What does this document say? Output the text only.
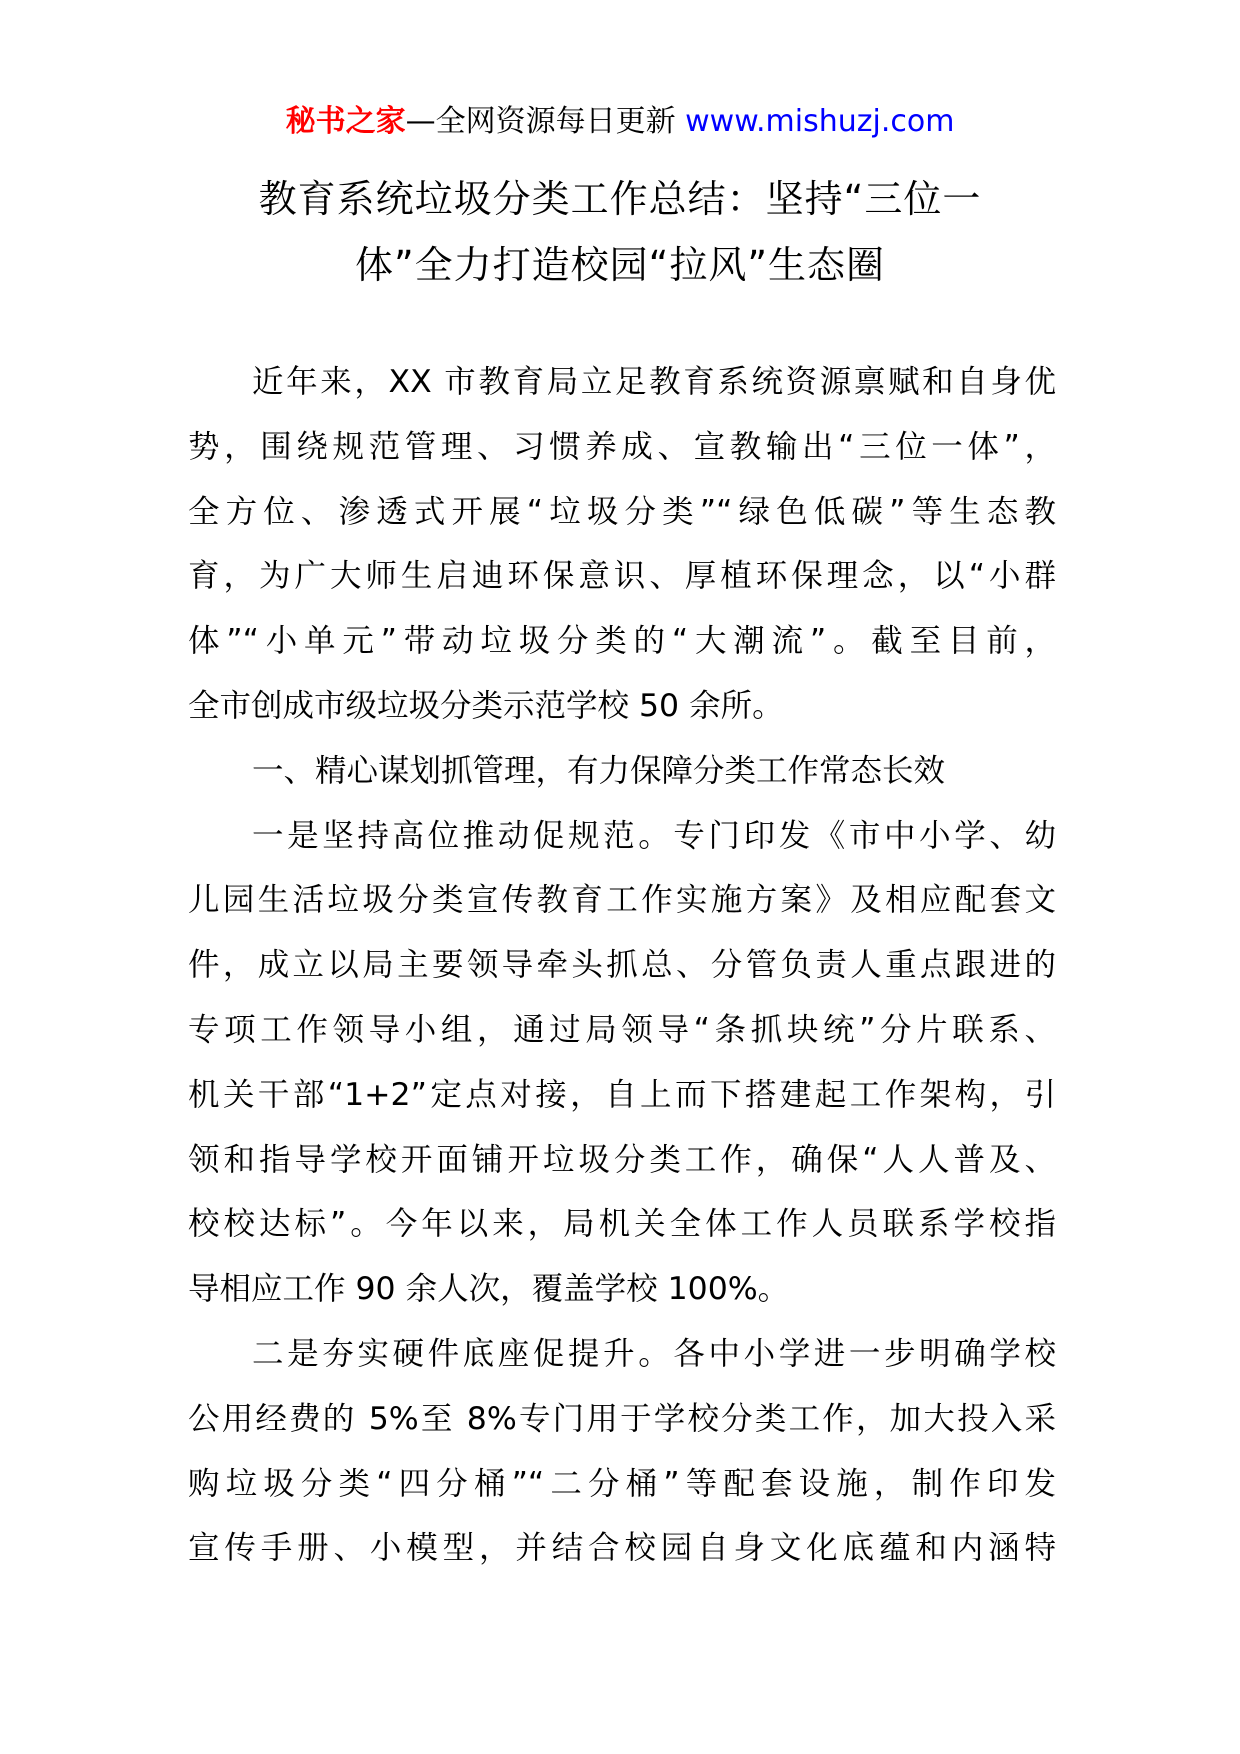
秘书之家—全网资源每日更新 www.mishuzj.com
教育系统垃圾分类工作总结：坚持“三位一
体”全力打造校园“拉风”生态圈
近年来，XX 市教育局立足教育系统资源禀赋和自身优
势，围绕规范管理、习惯养成、宣教输出“三位一体”，
全方位、渗透式开展“垃圾分类”“绿色低碳”等生态教
育，为广大师生启迪环保意识、厚植环保理念，以“小群
体”“小单元”带动垃圾分类的“大潮流”。截至目前，
全市创成市级垃圾分类示范学校 50 余所。
一、精心谋划抓管理，有力保障分类工作常态长效
一是坚持高位推动促规范。专门印发《市中小学、幼
儿园生活垃圾分类宣传教育工作实施方案》及相应配套文
件，成立以局主要领导牵头抓总、分管负责人重点跟进的
专项工作领导小组，通过局领导“条抓块统”分片联系、
机关干部“1+2”定点对接，自上而下搭建起工作架构，引
领和指导学校开面铺开垃圾分类工作，确保“人人普及、
校校达标”。今年以来，局机关全体工作人员联系学校指
导相应工作 90 余人次，覆盖学校 100%。
二是夯实硬件底座促提升。各中小学进一步明确学校
公用经费的 5%至 8%专门用于学校分类工作，加大投入采
购垃圾分类“四分桶”“二分桶”等配套设施，制作印发
宣传手册、小模型，并结合校园自身文化底蕴和内涵特
